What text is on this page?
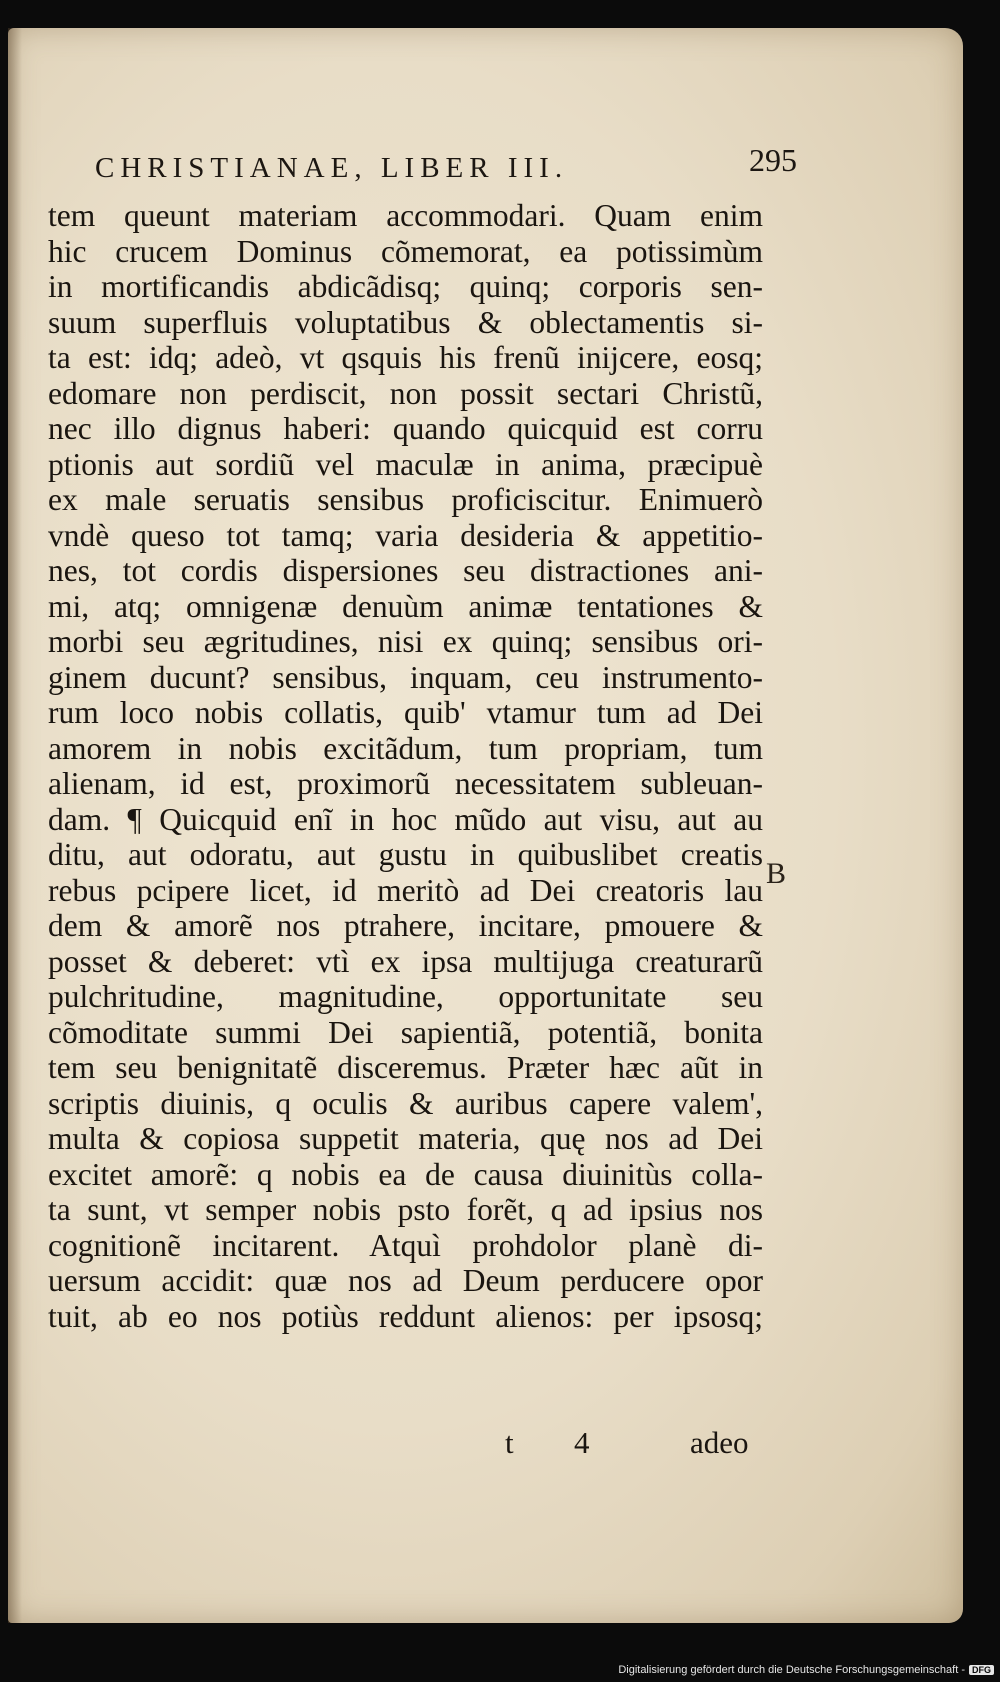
CHRISTIANAE, LIBER III.	295
tem queunt materiam accommodari. Quam enim
hic crucem Dominus cõmemorat, ea potissimùm
in mortificandis abdicãdisq; quinq; corporis sen-
suum superfluis voluptatibus & oblectamentis si-
ta est: idq; adeò, vt qsquis his frenũ inijcere, eosq;
edomare non perdiscit, non possit sectari Christũ,
nec illo dignus haberi: quando quicquid est corru
ptionis aut sordiũ vel maculæ in anima, præcipuè
ex male seruatis sensibus proficiscitur. Enimuerò
vndè queso tot tamq; varia desideria & appetitio-
nes, tot cordis dispersiones seu distractiones ani-
mi, atq; omnigenæ denuùm animæ tentationes &
morbi seu ægritudines, nisi ex quinq; sensibus ori-
ginem ducunt? sensibus, inquam, ceu instrumento-
rum loco nobis collatis, quib' vtamur tum ad Dei
amorem in nobis excitãdum, tum propriam, tum
alienam, id est, proximorũ necessitatem subleuan-
dam. ¶ Quicquid enĩ in hoc mũdo aut visu, aut au
ditu, aut odoratu, aut gustu in quibuslibet creatis
rebus pcipere licet, id meritò ad Dei creatoris lau
dem & amorẽ nos ptrahere, incitare, pmouere &
posset & deberet: vtì ex ipsa multijuga creaturarũ
pulchritudine, magnitudine, opportunitate seu
cõmoditate summi Dei sapientiã, potentiã, bonita
tem seu benignitatẽ disceremus. Præter hæc aũt in
scriptis diuinis, q oculis & auribus capere valem',
multa & copiosa suppetit materia, quę nos ad Dei
excitet amorẽ: q nobis ea de causa diuinitùs colla-
ta sunt, vt semper nobis psto forẽt, q ad ipsius nos
cognitionẽ incitarent. Atquì prohdolor planè di-
uersum accidit: quæ nos ad Deum perducere opor
tuit, ab eo nos potiùs reddunt alienos: per ipsosq;
B
t 4	adeo
Digitalisierung gefördert durch die Deutsche Forschungsgemeinschaft - DFG
